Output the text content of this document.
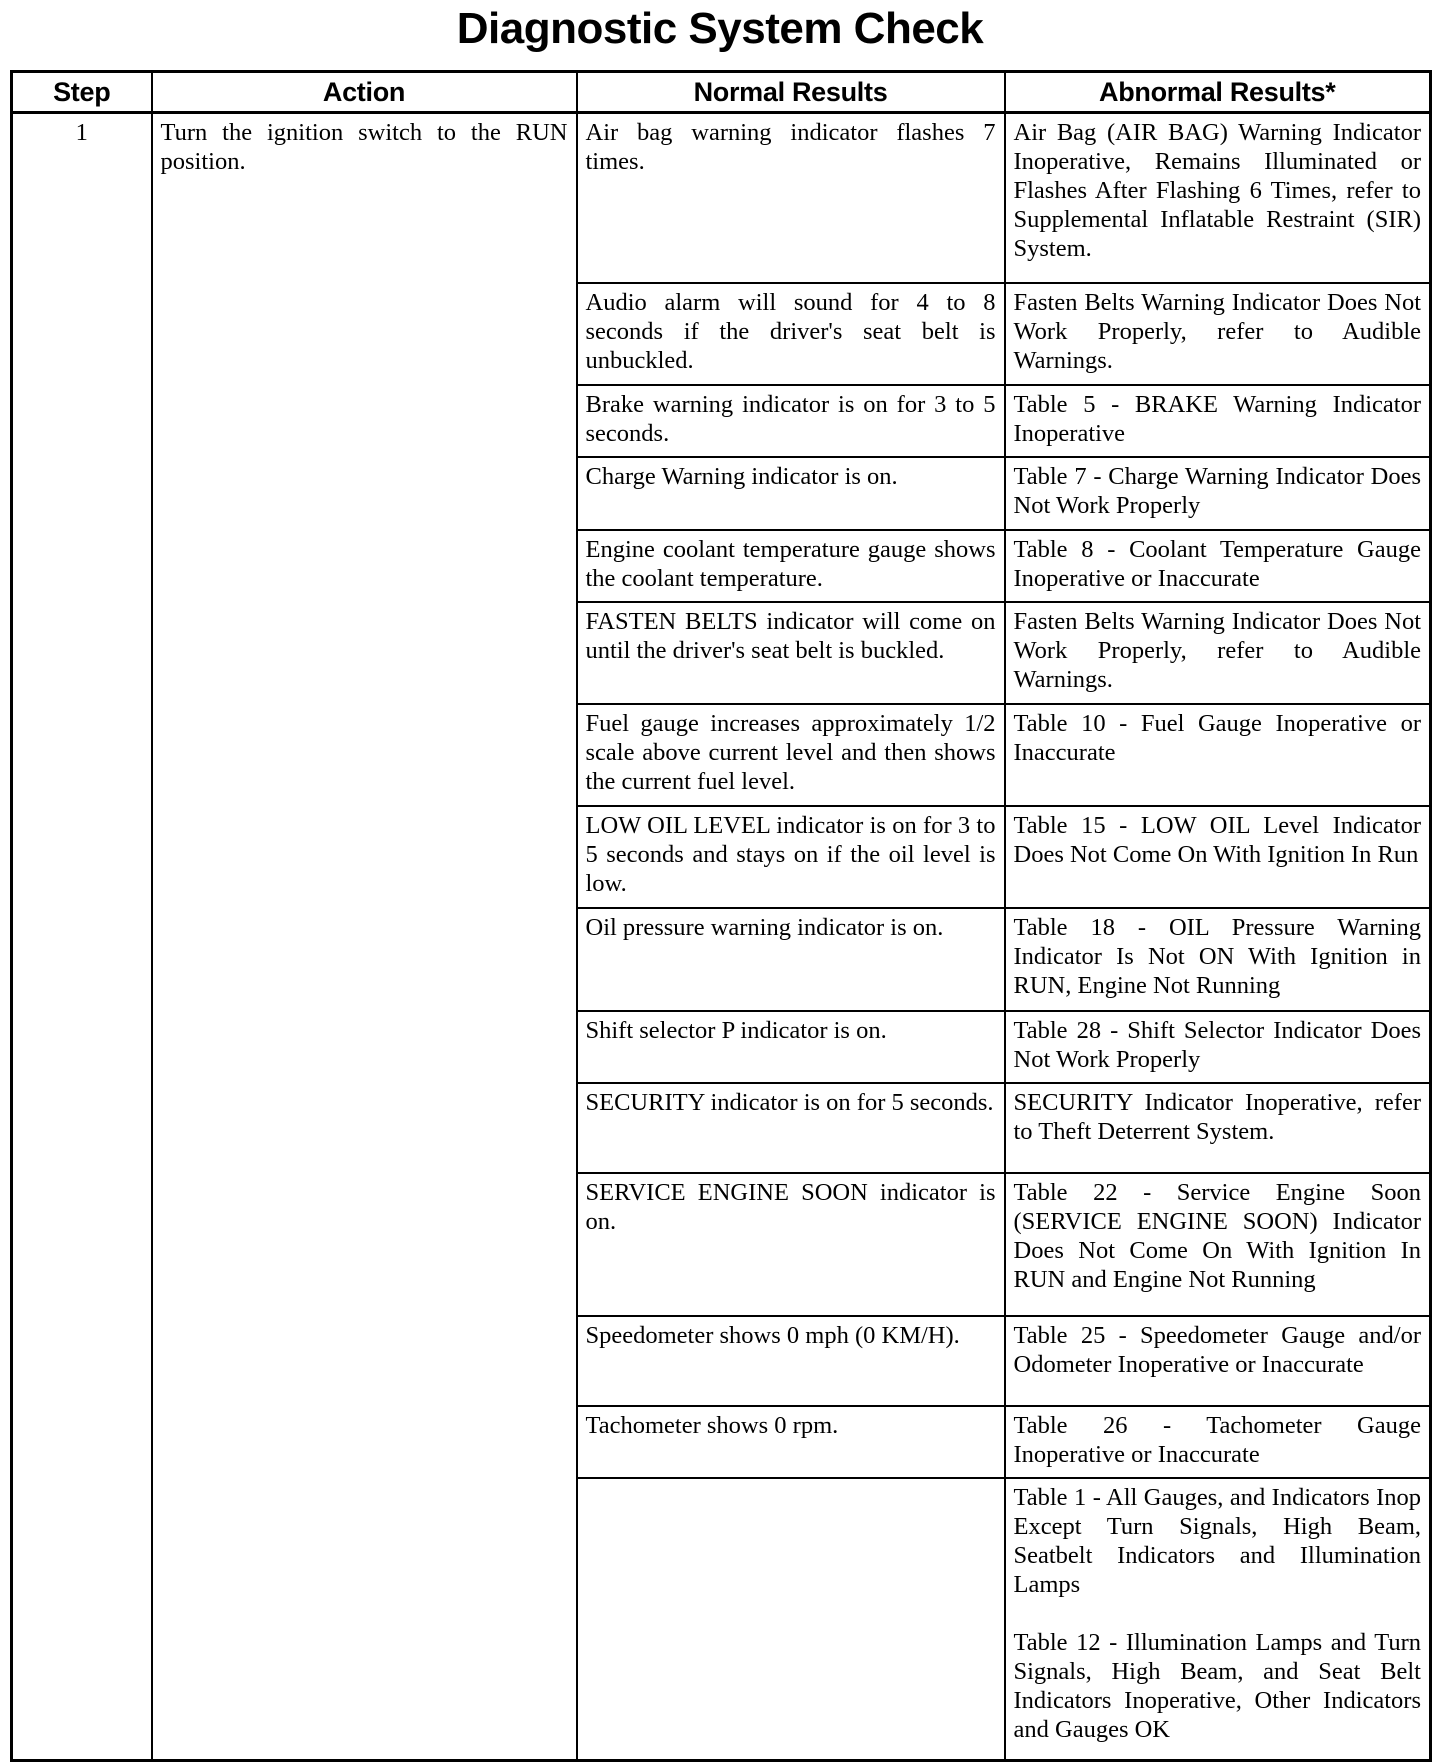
Diagnostic System Check
Step	Action	Normal Results	Abnormal Results*
1	Turn the ignition switch to the RUN position.	Air bag warning indicator flashes 7 times.	Air Bag (AIR BAG) Warning Indicator Inoperative, Remains Illuminated or Flashes After Flashing 6 Times, refer to Supplemental Inflatable Restraint (SIR) System.

		Audio alarm will sound for 4 to 8 seconds if the driver's seat belt is unbuckled.	Fasten Belts Warning Indicator Does Not Work Properly, refer to Audible Warnings.

		Brake warning indicator is on for 3 to 5 seconds.	Table 5 - BRAKE Warning Indicator Inoperative

		Charge Warning indicator is on.	Table 7 - Charge Warning Indicator Does Not Work Properly

		Engine coolant temperature gauge shows the coolant temperature.	Table 8 - Coolant Temperature Gauge Inoperative or Inaccurate

		FASTEN BELTS indicator will come on until the driver's seat belt is buckled.	Fasten Belts Warning Indicator Does Not Work Properly, refer to Audible Warnings.

		Fuel gauge increases approximately 1/2 scale above current level and then shows the current fuel level.	Table 10 - Fuel Gauge Inoperative or Inaccurate

		LOW OIL LEVEL indicator is on for 3 to 5 seconds and stays on if the oil level is low.	Table 15 - LOW OIL Level Indicator Does Not Come On With Ignition In Run

		Oil pressure warning indicator is on.	Table 18 - OIL Pressure Warning Indicator Is Not ON With Ignition in RUN, Engine Not Running

		Shift selector P indicator is on.	Table 28 - Shift Selector Indicator Does Not Work Properly

		SECURITY indicator is on for 5 seconds.	SECURITY Indicator Inoperative, refer to Theft Deterrent System.

		SERVICE ENGINE SOON indicator is on.	Table 22 - Service Engine Soon (SERVICE ENGINE SOON) Indicator Does Not Come On With Ignition In RUN and Engine Not Running

		Speedometer shows 0 mph (0 KM/H).	Table 25 - Speedometer Gauge and/or Odometer Inoperative or Inaccurate

		Tachometer shows 0 rpm.	Table 26 - Tachometer Gauge Inoperative or Inaccurate

			Table 1 - All Gauges, and Indicators Inop Except Turn Signals, High Beam, Seatbelt Indicators and Illumination Lamps
Table 12 - Illumination Lamps and Turn Signals, High Beam, and Seat Belt Indicators Inoperative, Other Indicators and Gauges OK
